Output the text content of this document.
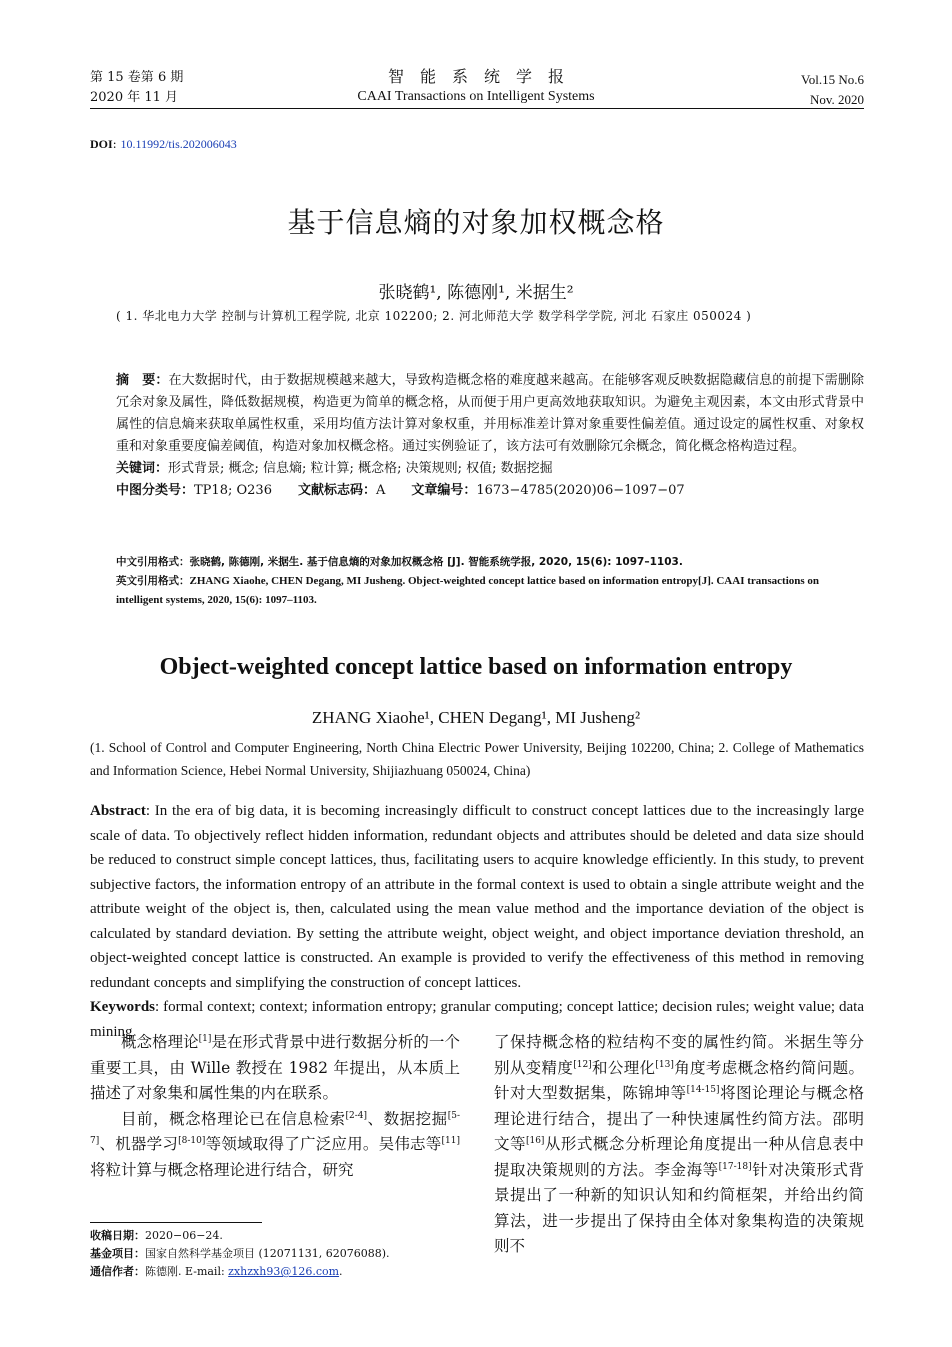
第 15 卷第 6 期
2020 年 11 月
智　能　系　统　学　报
CAAI Transactions on Intelligent Systems
Vol.15 No.6
Nov. 2020
DOI: 10.11992/tis.202006043
基于信息熵的对象加权概念格
张晓鹤¹, 陈德刚¹, 米据生²
( 1. 华北电力大学 控制与计算机工程学院, 北京 102200; 2. 河北师范大学 数学科学学院, 河北 石家庄 050024 )
摘　要：在大数据时代，由于数据规模越来越大，导致构造概念格的难度越来越高。在能够客观反映数据隐藏信息的前提下需删除冗余对象及属性，降低数据规模，构造更为简单的概念格，从而便于用户更高效地获取知识。为避免主观因素，本文由形式背景中属性的信息熵来获取单属性权重，采用均值方法计算对象权重，并用标准差计算对象重要性偏差值。通过设定的属性权重、对象权重和对象重要度偏差阈值，构造对象加权概念格。通过实例验证了，该方法可有效删除冗余概念，简化概念格构造过程。
关键词：形式背景; 概念; 信息熵; 粒计算; 概念格; 决策规则; 权值; 数据挖掘
中图分类号：TP18; O236 文献标志码：A 文章编号：1673−4785(2020)06−1097−07
中文引用格式：张晓鹤, 陈德刚, 米据生. 基于信息熵的对象加权概念格 [J]. 智能系统学报, 2020, 15(6): 1097–1103.
英文引用格式：ZHANG Xiaohe, CHEN Degang, MI Jusheng. Object-weighted concept lattice based on information entropy[J]. CAAI transactions on intelligent systems, 2020, 15(6): 1097–1103.
Object-weighted concept lattice based on information entropy
ZHANG Xiaohe¹, CHEN Degang¹, MI Jusheng²
(1. School of Control and Computer Engineering, North China Electric Power University, Beijing 102200, China; 2. College of Mathematics and Information Science, Hebei Normal University, Shijiazhuang 050024, China)
Abstract: In the era of big data, it is becoming increasingly difficult to construct concept lattices due to the increasingly large scale of data. To objectively reflect hidden information, redundant objects and attributes should be deleted and data size should be reduced to construct simple concept lattices, thus, facilitating users to acquire knowledge efficiently. In this study, to prevent subjective factors, the information entropy of an attribute in the formal context is used to obtain a single attribute weight and the attribute weight of the object is, then, calculated using the mean value method and the importance deviation of the object is calculated by standard deviation. By setting the attribute weight, object weight, and object importance deviation threshold, an object-weighted concept lattice is constructed. An example is provided to verify the effectiveness of this method in removing redundant concepts and simplifying the construction of concept lattices.
Keywords: formal context; context; information entropy; granular computing; concept lattice; decision rules; weight value; data mining

概念格理论[1]是在形式背景中进行数据分析的一个重要工具，由 Wille 教授在 1982 年提出，从本质上描述了对象集和属性集的内在联系。

目前，概念格理论已在信息检索[2-4]、数据挖掘[5-7]、机器学习[8-10]等领域取得了广泛应用。吴伟志等[11]将粒计算与概念格理论进行结合，研究

了保持概念格的粒结构不变的属性约简。米据生等分别从变精度[12]和公理化[13]角度考虑概念格约简问题。针对大型数据集，陈锦坤等[14-15]将图论理论与概念格理论进行结合，提出了一种快速属性约简方法。邵明文等[16]从形式概念分析理论角度提出一种从信息表中提取决策规则的方法。李金海等[17-18]针对决策形式背景提出了一种新的知识认知和约简框架，并给出约简算法，进一步提出了保持由全体对象集构造的决策规则不
收稿日期：2020−06−24.
基金项目：国家自然科学基金项目 (12071131, 62076088).
通信作者：陈德刚. E-mail: zxhzxh93@126.com.
